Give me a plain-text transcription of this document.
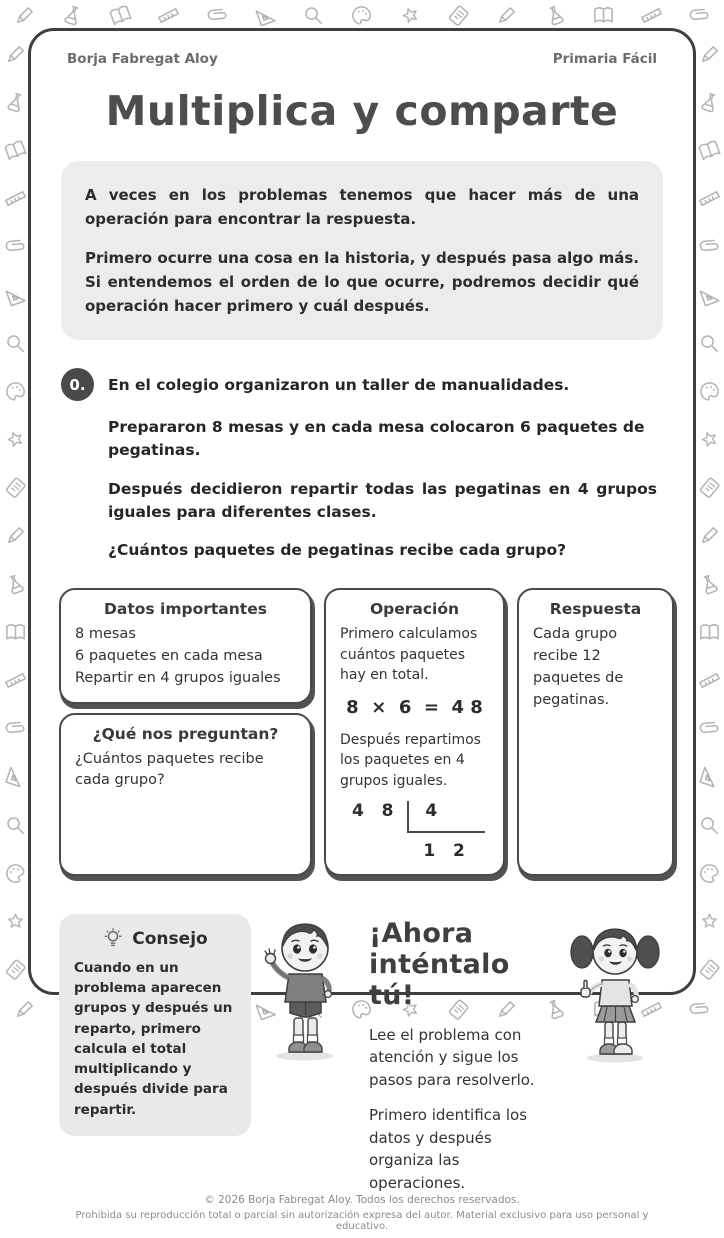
Borja Fabregat Aloy	Primaria Fácil
Multiplica y comparte

A veces en los problemas tenemos que hacer más de una operación para encontrar la respuesta.

Primero ocurre una cosa en la historia, y después pasa algo más. Si entendemos el orden de lo que ocurre, podremos decidir qué operación hacer primero y cuál después.

0.	En el colegio organizaron un taller de manualidades.

Prepararon 8 mesas y en cada mesa colocaron 6 paquetes de pegatinas.

Después decidieron repartir todas las pegatinas en 4 grupos iguales para diferentes clases.

¿Cuántos paquetes de pegatinas recibe cada grupo?

Datos importantes
8 mesas
6 paquetes en cada mesa
Repartir en 4 grupos iguales
¿Qué nos preguntan?
¿Cuántos paquetes recibe cada grupo?
Operación
Primero calculamos cuántos paquetes hay en total.
8  ×  6  =  4 8
Después repartimos los paquetes en 4 grupos iguales.
4   8	4
1   2
Respuesta
Cada grupo recibe 12 paquetes de pegatinas.
Consejo
Cuando en un problema aparecen grupos y después un reparto, primero calcula el total multiplicando y después divide para repartir.
¡Ahora inténtalo tú!

Lee el problema con atención y sigue los pasos para resolverlo.

Primero identifica los datos y después organiza las operaciones.

© 2026 Borja Fabregat Aloy. Todos los derechos reservados.
Prohibida su reproducción total o parcial sin autorización expresa del autor. Material exclusivo para uso personal y educativo.
